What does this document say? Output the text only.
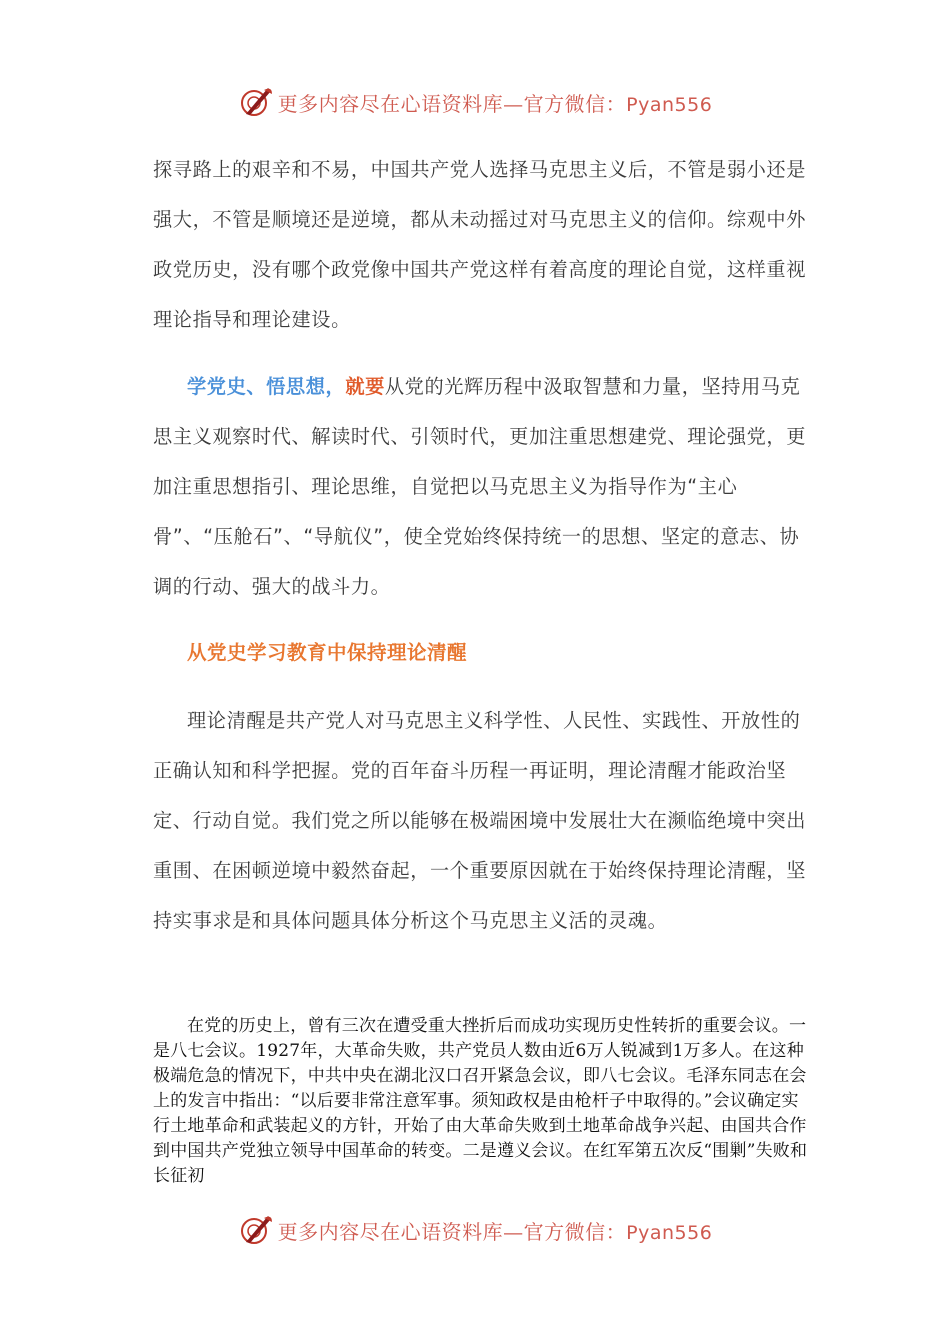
更多内容尽在心语资料库—官方微信：Pyan556

探寻路上的艰辛和不易，中国共产党人选择马克思主义后，不管是弱小还是强大，不管是顺境还是逆境，都从未动摇过对马克思主义的信仰。综观中外政党历史，没有哪个政党像中国共产党这样有着高度的理论自觉，这样重视理论指导和理论建设。

学党史、悟思想，就要从党的光辉历程中汲取智慧和力量，坚持用马克思主义观察时代、解读时代、引领时代，更加注重思想建党、理论强党，更加注重思想指引、理论思维，自觉把以马克思主义为指导作为“主心骨”、“压舱石”、“导航仪”，使全党始终保持统一的思想、坚定的意志、协调的行动、强大的战斗力。

从党史学习教育中保持理论清醒

理论清醒是共产党人对马克思主义科学性、人民性、实践性、开放性的正确认知和科学把握。党的百年奋斗历程一再证明，理论清醒才能政治坚定、行动自觉。我们党之所以能够在极端困境中发展壮大在濒临绝境中突出重围、在困顿逆境中毅然奋起，一个重要原因就在于始终保持理论清醒，坚持实事求是和具体问题具体分析这个马克思主义活的灵魂。

在党的历史上，曾有三次在遭受重大挫折后而成功实现历史性转折的重要会议。一是八七会议。1927年，大革命失败，共产党员人数由近6万人锐减到1万多人。在这种极端危急的情况下，中共中央在湖北汉口召开紧急会议，即八七会议。毛泽东同志在会上的发言中指出：“以后要非常注意军事。须知政权是由枪杆子中取得的。”会议确定实行土地革命和武装起义的方针，开始了由大革命失败到土地革命战争兴起、由国共合作到中国共产党独立领导中国革命的转变。二是遵义会议。在红军第五次反“围剿”失败和长征初

更多内容尽在心语资料库—官方微信：Pyan556
